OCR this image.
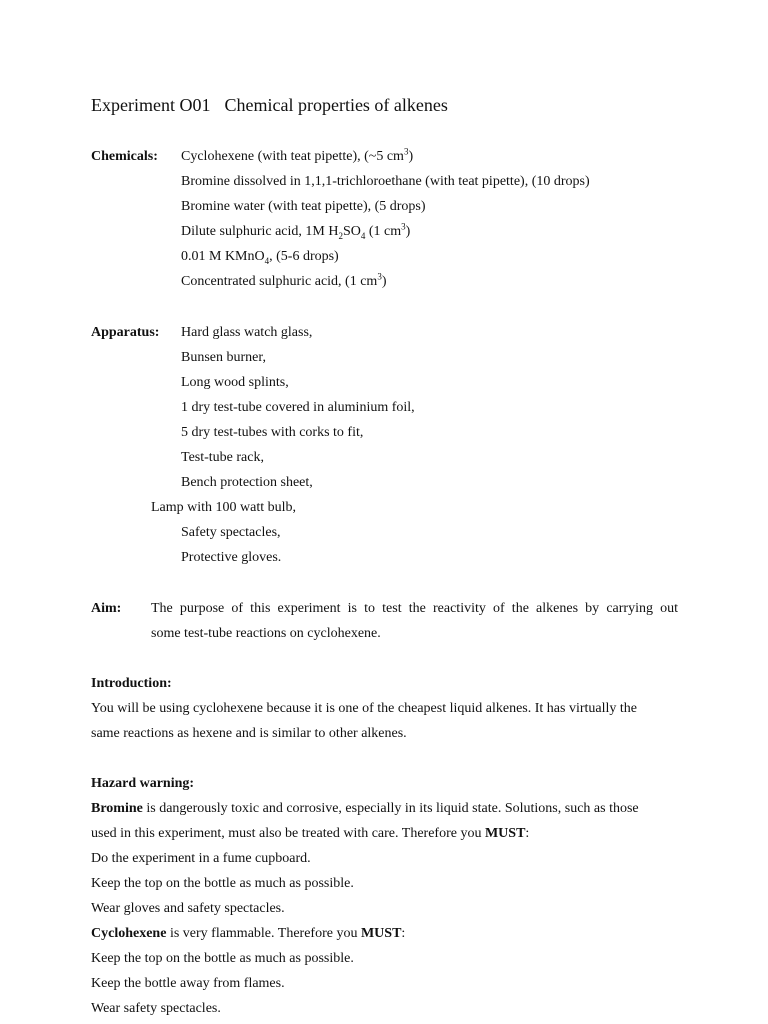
Experiment O01 Chemical properties of alkenes
Chemicals: Cyclohexene (with teat pipette), (~5 $cm^3$)
Bromine dissolved in 1,1,1-trichloroethane (with teat pipette), (10 drops)
Bromine water (with teat pipette), (5 drops)
Dilute sulphuric acid, 1M $H_2SO_4$ (1 $cm^3$)
0.01 M KMnO$_4$, (5-6 drops)
Concentrated sulphuric acid, (1 $cm^3$)
Apparatus: Hard glass watch glass,
Bunsen burner,
Long wood splints,
1 dry test-tube covered in aluminium foil,
5 dry test-tubes with corks to fit,
Test-tube rack,
Bench protection sheet,
Lamp with 100 watt bulb,
Safety spectacles,
Protective gloves.
Aim: The purpose of this experiment is to test the reactivity of the alkenes by carrying out
some test-tube reactions on cyclohexene.
Introduction:
You will be using cyclohexene because it is one of the cheapest liquid alkenes. It has virtually the
same reactions as hexene and is similar to other alkenes.
Hazard warning:
Bromine is dangerously toxic and corrosive, especially in its liquid state. Solutions, such as those
used in this experiment, must also be treated with care. Therefore you MUST:
Do the experiment in a fume cupboard.
Keep the top on the bottle as much as possible.
Wear gloves and safety spectacles.
Cyclohexene is very flammable. Therefore you MUST:
Keep the top on the bottle as much as possible.
Keep the bottle away from flames.
Wear safety spectacles.
